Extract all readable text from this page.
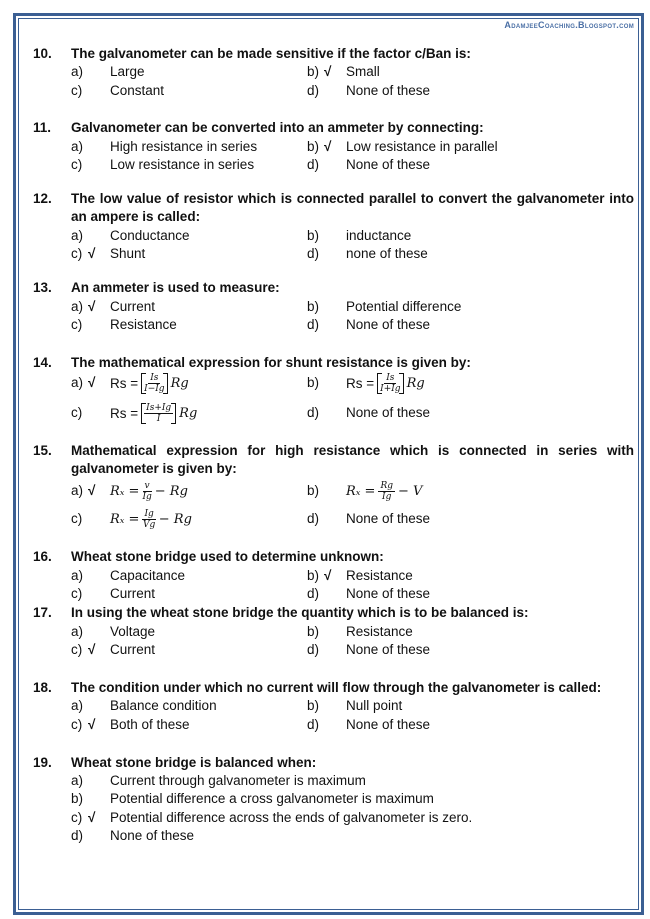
AdamjeeCoaching.Blogspot.com
10. The galvanometer can be made sensitive if the factor c/Ban is:
a) Large	b) √ Small
c) Constant	d) None of these
11. Galvanometer can be converted into an ammeter by connecting:
a) High resistance in series	b) √ Low resistance in parallel
c) Low resistance in series	d) None of these
12. The low value of resistor which is connected parallel to convert the galvanometer into
an ampere is called:
a) Conductance	b) inductance
c) √ Shunt	d) none of these
13. An ammeter is used to measure:
a) √ Current	b) Potential difference
c) Resistance	d) None of these
14. The mathematical expression for shunt resistance is given by:
a) √ $Rs = \frac{Is}{I-Ig}$ Rg	b) $Rs = \frac{Is}{I+Ig}$ Rg
c) $Rs = \frac{Is+Ig}{I}$ Rg	d) None of these
15. Mathematical expression for high resistance which is connected in series with
galvanometer is given by:
a) √ $R_x = \frac{v}{Ig} - Rg$	b) $R_x = \frac{Rg}{Ig} - V$
c) $R_x = \frac{Ig}{Vg} - Rg$	d) None of these
16. Wheat stone bridge used to determine unknown:
a) Capacitance	b) √ Resistance
c) Current	d) None of these
17. In using the wheat stone bridge the quantity which is to be balanced is:
a) Voltage	b) Resistance
c) √ Current	d) None of these
18. The condition under which no current will flow through the galvanometer is called:
a) Balance condition	b) Null point
c) √ Both of these	d) None of these
19. Wheat stone bridge is balanced when:
a) Current through galvanometer is maximum
b) Potential difference a cross galvanometer is maximum
c) √ Potential difference across the ends of galvanometer is zero.
d) None of these
